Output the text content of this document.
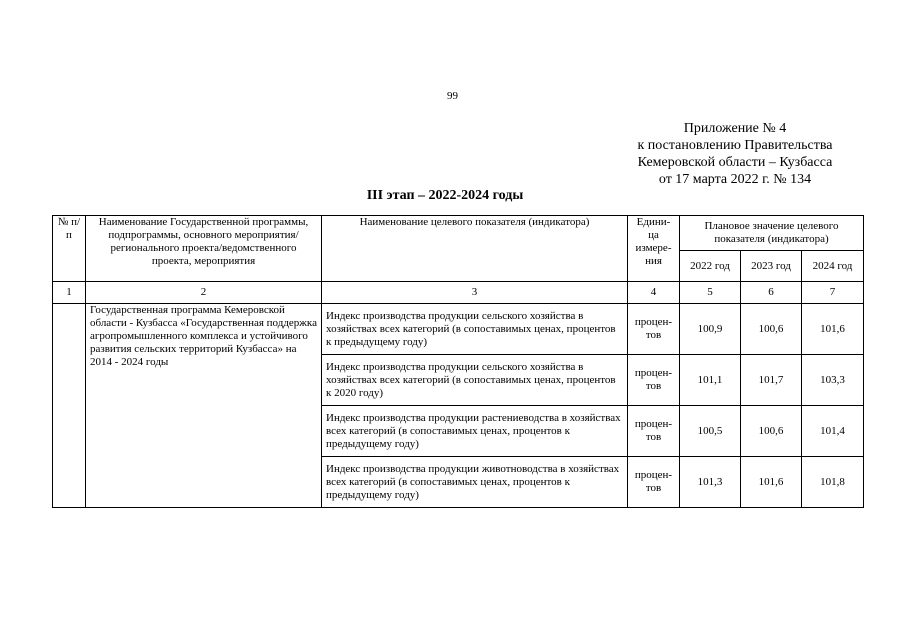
99
Приложение № 4
к постановлению Правительства
Кемеровской области – Кузбасса
от 17 марта 2022 г. № 134
III этап – 2022-2024 годы
№ п/п	Наименование Государственной программы, подпрограммы, основного мероприятия/регионального проекта/ведомственного проекта, мероприятия	Наименование целевого показателя (индикатора)	Едини-ца измере-ния	Плановое значение целевого показателя (индикатора)		
				2022 год	2023 год	2024 год
1	2	3	4	5	6	7
	Государственная программа Кемеровской области - Кузбасса «Государственная поддержка агропромышленного комплекса и устойчивого развития сельских территорий Кузбасса» на 2014 - 2024 годы	Индекс производства продукции сельского хозяйства в хозяйствах всех категорий (в сопоставимых ценах, процентов к предыдущему году)	процен-тов	100,9	100,6	101,6
		Индекс производства продукции сельского хозяйства в хозяйствах всех категорий (в сопоставимых ценах, процентов к 2020 году)	процен-тов	101,1	101,7	103,3
		Индекс производства продукции растениеводства в хозяйствах всех категорий (в сопоставимых ценах, процентов к предыдущему году)	процен-тов	100,5	100,6	101,4
		Индекс производства продукции животноводства в хозяйствах всех категорий (в сопоставимых ценах, процентов к предыдущему году)	процен-тов	101,3	101,6	101,8
